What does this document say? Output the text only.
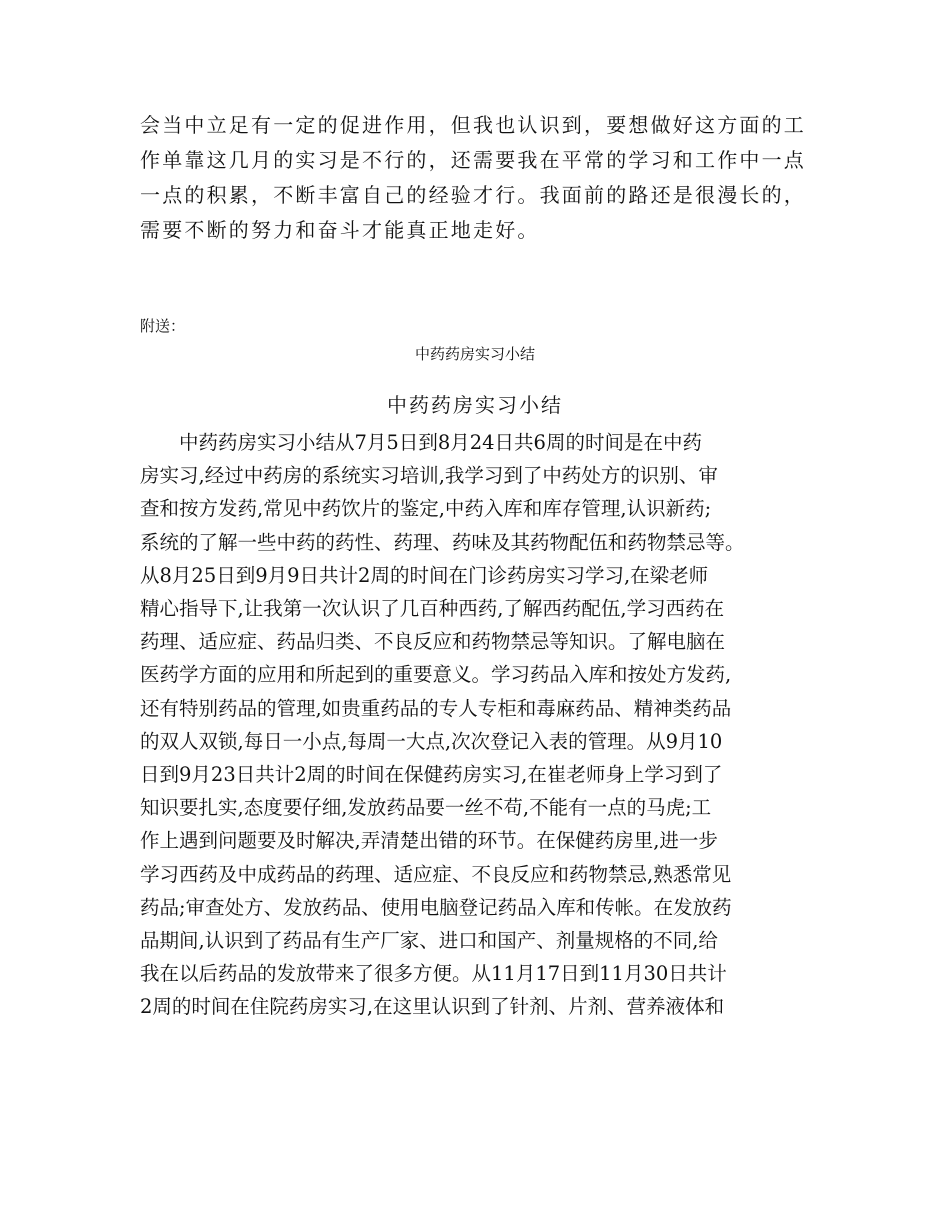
会当中立足有一定的促进作用，但我也认识到，要想做好这方面的工
作单靠这几月的实习是不行的，还需要我在平常的学习和工作中一点
一点的积累，不断丰富自己的经验才行。我面前的路还是很漫长的，
需要不断的努力和奋斗才能真正地走好。

附送：

中药药房实习小结

中药药房实习小结
　　中药药房实习小结从7月5日到8月24日共6周的时间是在中药
房实习,经过中药房的系统实习培训,我学习到了中药处方的识别、审
查和按方发药,常见中药饮片的鉴定,中药入库和库存管理,认识新药;
系统的了解一些中药的药性、药理、药味及其药物配伍和药物禁忌等。
从8月25日到9月9日共计2周的时间在门诊药房实习学习,在梁老师
精心指导下,让我第一次认识了几百种西药,了解西药配伍,学习西药在
药理、适应症、药品归类、不良反应和药物禁忌等知识。了解电脑在
医药学方面的应用和所起到的重要意义。学习药品入库和按处方发药,
还有特别药品的管理,如贵重药品的专人专柜和毒麻药品、精神类药品
的双人双锁,每日一小点,每周一大点,次次登记入表的管理。从9月10
日到9月23日共计2周的时间在保健药房实习,在崔老师身上学习到了
知识要扎实,态度要仔细,发放药品要一丝不苟,不能有一点的马虎;工
作上遇到问题要及时解决,弄清楚出错的环节。在保健药房里,进一步
学习西药及中成药品的药理、适应症、不良反应和药物禁忌,熟悉常见
药品;审查处方、发放药品、使用电脑登记药品入库和传帐。在发放药
品期间,认识到了药品有生产厂家、进口和国产、剂量规格的不同,给
我在以后药品的发放带来了很多方便。从11月17日到11月30日共计
2周的时间在住院药房实习,在这里认识到了针剂、片剂、营养液体和
